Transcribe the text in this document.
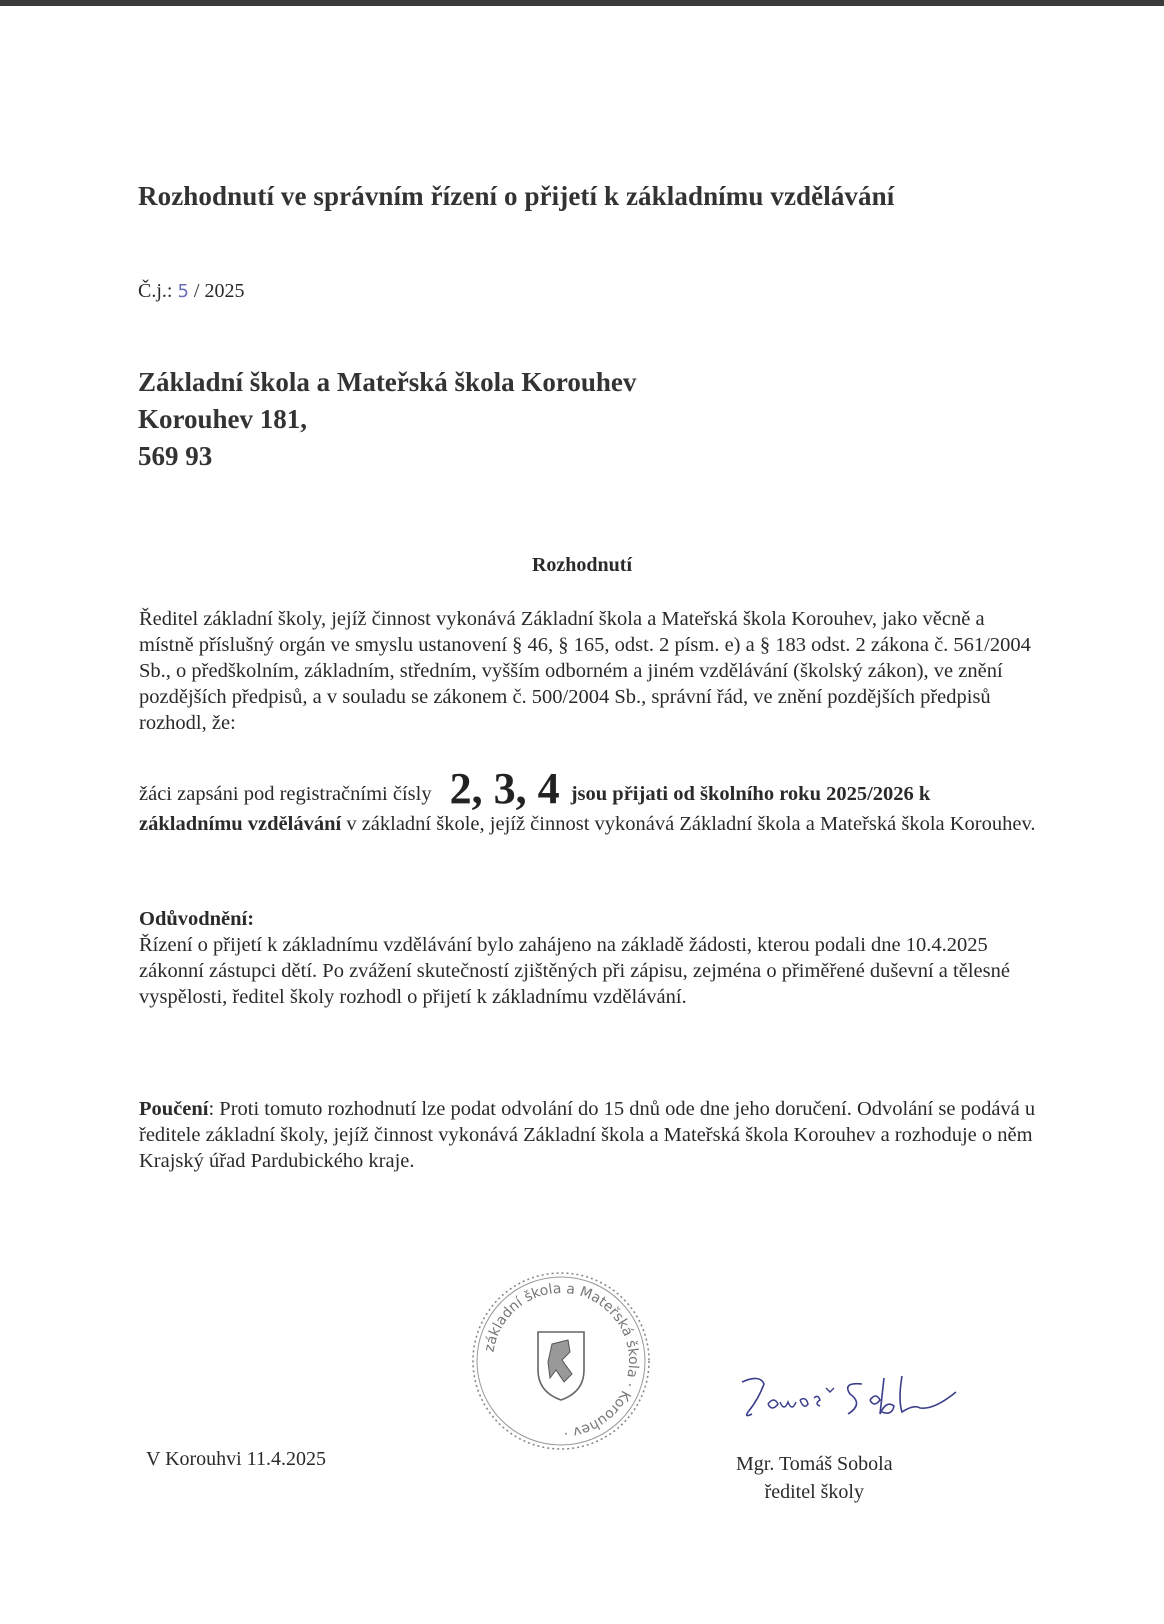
Rozhodnutí ve správním řízení o přijetí k základnímu vzdělávání
Č.j.: 5 / 2025
Základní škola a Mateřská škola Korouhev
Korouhev 181,
569 93
Rozhodnutí
Ředitel základní školy, jejíž činnost vykonává Základní škola a Mateřská škola Korouhev, jako věcně a místně příslušný orgán ve smyslu ustanovení § 46, § 165, odst. 2 písm. e) a § 183 odst. 2 zákona č. 561/2004 Sb., o předškolním, základním, středním, vyšším odborném a jiném vzdělávání (školský zákon), ve znění pozdějších předpisů, a v souladu se zákonem č. 500/2004 Sb., správní řád, ve znění pozdějších předpisů rozhodl, že:
žáci zapsáni pod registračními čísly 2, 3, 4 jsou přijati od školního roku 2025/2026 k základnímu vzdělávání v základní škole, jejíž činnost vykonává Základní škola a Mateřská škola Korouhev.
Odůvodnění:
Řízení o přijetí k základnímu vzdělávání bylo zahájeno na základě žádosti, kterou podali dne 10.4.2025 zákonní zástupci dětí. Po zvážení skutečností zjištěných při zápisu, zejména o přiměřené duševní a tělesné vyspělosti, ředitel školy rozhodl o přijetí k základnímu vzdělávání.
Poučení: Proti tomuto rozhodnutí lze podat odvolání do 15 dnů ode dne jeho doručení. Odvolání se podává u ředitele základní školy, jejíž činnost vykonává Základní škola a Mateřská škola Korouhev a rozhoduje o něm Krajský úřad Pardubického kraje.
základní škola a Mateřská škola · Korouhev ·
V Korouhvi 11.4.2025	Mgr. Tomáš Sobola
ředitel školy
